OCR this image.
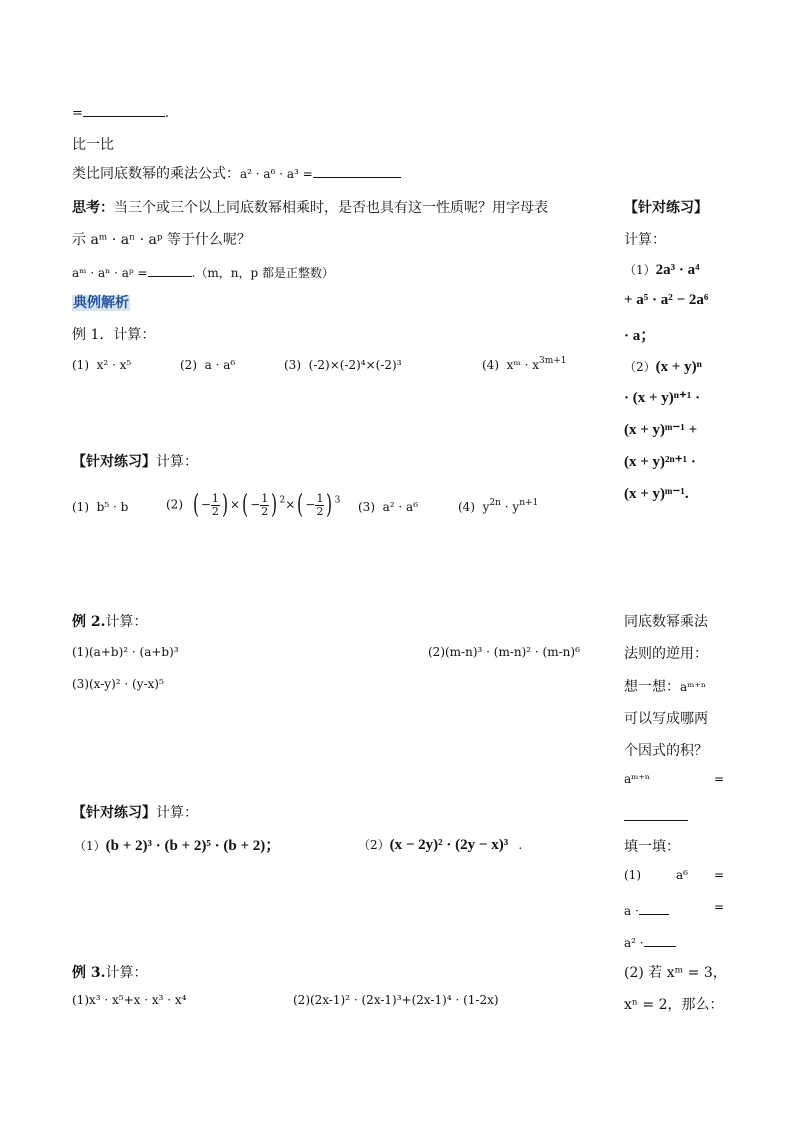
=	.
比一比
类比同底数幂的乘法公式：a² · a⁶ · a³ =
思考：当三个或三个以上同底数幂相乘时，是否也具有这一性质呢？用字母表
示 aᵐ · aⁿ · aᵖ 等于什么呢？
aᵐ · aⁿ · aᵖ =	.（m，n，p 都是正整数）
典例解析
例 1．计算：
(1) x² · x⁵	(2) a · a⁶	(3) (-2)×(-2)⁴×(-2)³	(4) xᵐ · $x^{3m+1}$
【针对练习】计算：
(1) b⁵ · b	(2) ( − $\frac{1}{2}$ ) ×( − $\frac{1}{2}$ ) $^2\times( - \frac{1}{2}$ ) $^3$ (3) a² · a⁶	(4) $y^{2n} \cdot y^{n+1}$
例 2.计算：
(1)(a+b)² · (a+b)³	(2)(m-n)³ · (m-n)² · (m-n)⁶
(3)(x-y)² · (y-x)⁵
【针对练习】计算：
（1）(b + 2)³ · (b + 2)⁵ · (b + 2)；	（2）(x − 2y)² · (2y − x)³ .
例 3.计算：
(1)x³ · x⁵+x · x³ · x⁴	(2)(2x-1)² · (2x-1)³+(2x-1)⁴ · (1-2x)
【针对练习】
计算：
（1）2a³ · a⁴
+ a⁵ · a² − 2a⁶
· a；
（2）(x + y)ⁿ
· (x + y)ⁿ⁺¹ ·
(x + y)ᵐ⁻¹ +
(x + y)²ⁿ⁺¹ ·
(x + y)ᵐ⁻¹.
同底数幂乘法
法则的逆用：
想一想：aᵐ⁺ⁿ
可以写成哪两
个因式的积？
aᵐ⁺ⁿ	=
填一填：
(1)	a⁶ =
a ·	=
a² ·
(2) 若 xᵐ = 3，
xⁿ = 2，那么：
